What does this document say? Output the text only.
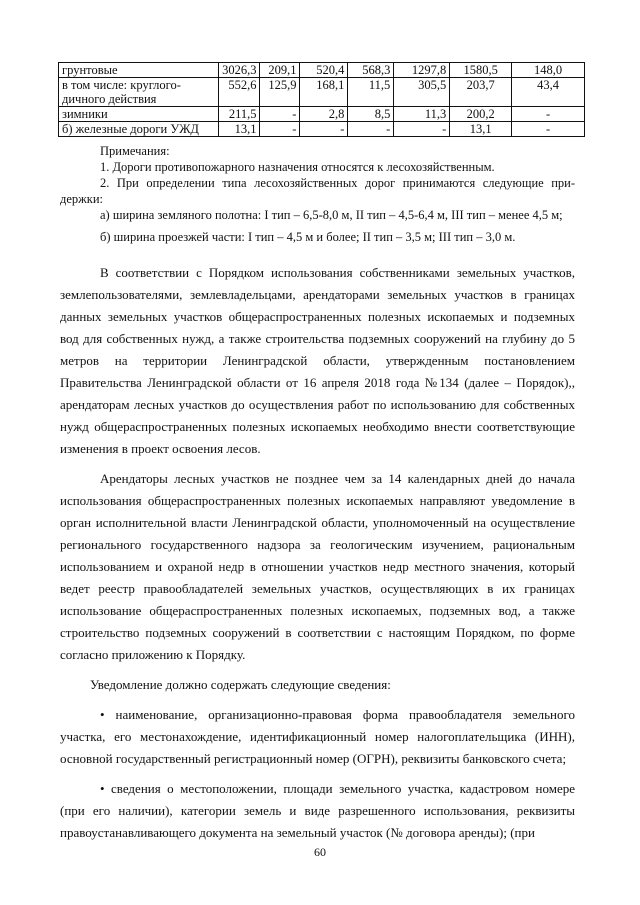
грунтовые	3026,3	209,1	520,4	568,3	1297,8	1580,5	148,0
в том числе: круглого-
дичного действия	552,6	125,9	168,1	11,5	305,5	203,7	43,4
зимники	211,5	-	2,8	8,5	11,3	200,2	-
б) железные дороги УЖД	13,1	-	-	-	-	13,1	-

Примечания:

1. Дороги противопожарного назначения относятся к лесохозяйственным.

2. При определении типа лесохозяйственных дорог принимаются следующие при-держки:

а) ширина земляного полотна: I тип – 6,5-8,0 м, II тип – 4,5-6,4 м, III тип – менее 4,5 м;

б) ширина проезжей части: I тип – 4,5 м и более; II тип – 3,5 м; III тип – 3,0 м.

В соответствии с Порядком использования собственниками земельных участков, землепользователями, землевладельцами, арендаторами земельных участков в границах данных земельных участков общераспространенных полезных ископаемых и подземных вод для собственных нужд, а также строительства подземных сооружений на глубину до 5 метров на территории Ленинградской области, утвержденным постановлением Правительства Ленинградской области от 16 апреля 2018 года №134 (далее – Порядок),, арендаторам лесных участков до осуществления работ по использованию для собственных нужд общераспространенных полезных ископаемых необходимо внести соответствующие изменения в проект освоения лесов.

Арендаторы лесных участков не позднее чем за 14 календарных дней до начала использования общераспространенных полезных ископаемых направляют уведомление в орган исполнительной власти Ленинградской области, уполномоченный на осуществление регионального государственного надзора за геологическим изучением, рациональным использованием и охраной недр в отношении участков недр местного значения, который ведет реестр правообладателей земельных участков, осуществляющих в их границах использование общераспространенных полезных ископаемых, подземных вод, а также строительство подземных сооружений в соответствии с настоящим Порядком, по форме согласно приложению к Порядку.

Уведомление должно содержать следующие сведения:

• наименование, организационно-правовая форма правообладателя земельного участка, его местонахождение, идентификационный номер налогоплательщика (ИНН), основной государственный регистрационный номер (ОГРН), реквизиты банковского счета;

• сведения о местоположении, площади земельного участка, кадастровом номере (при его наличии), категории земель и виде разрешенного использования, реквизиты правоустанавливающего документа на земельный участок (№ договора аренды); (при

60
